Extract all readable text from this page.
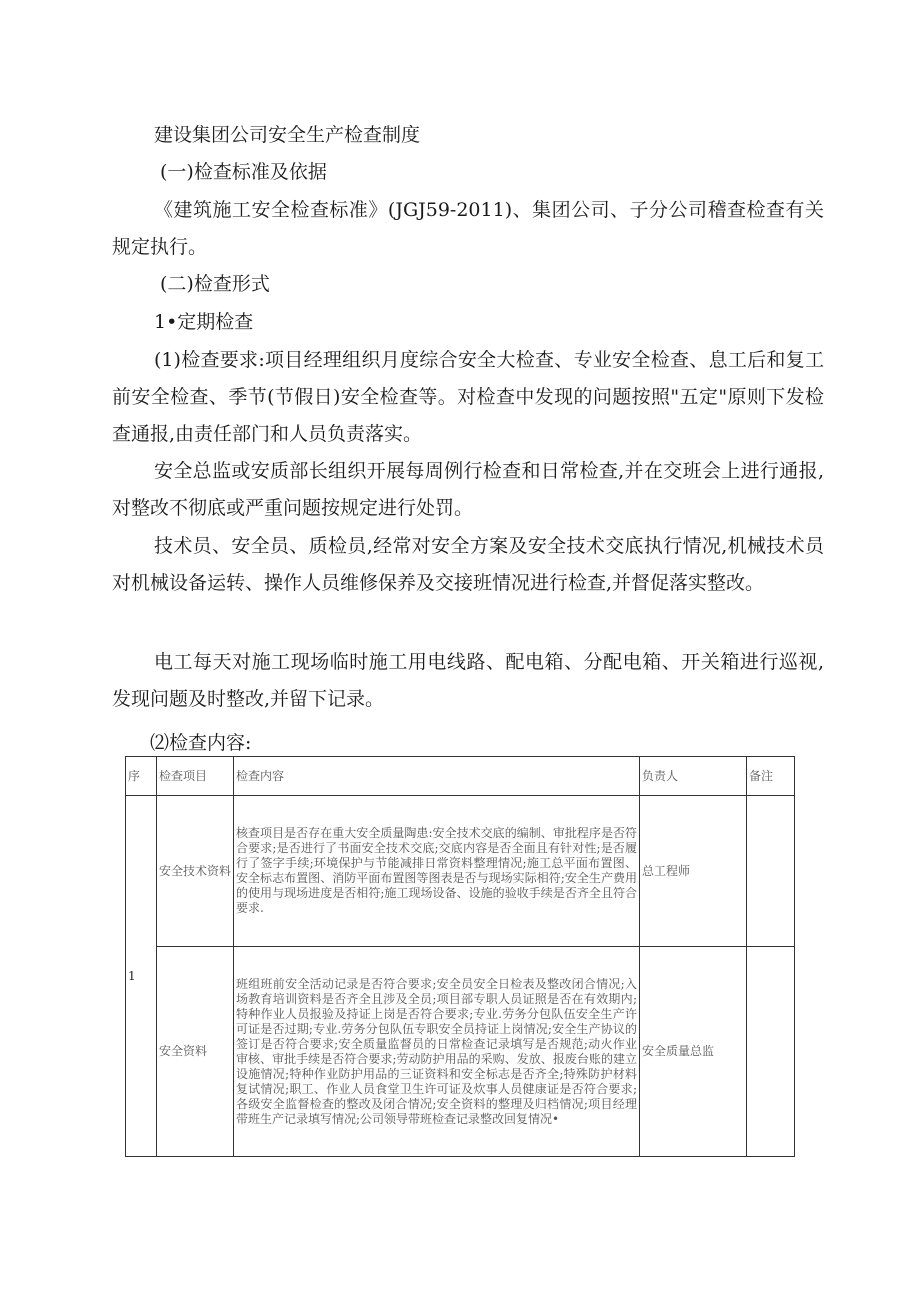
建设集团公司安全生产检查制度
(一)检查标准及依据
《建筑施工安全检查标准》(JGJ59-2011)、集团公司、子分公司稽查检查有关规定执行。
(二)检查形式
1•定期检查
(1)检查要求:项目经理组织月度综合安全大检查、专业安全检查、息工后和复工前安全检查、季节(节假日)安全检查等。对检查中发现的问题按照"五定"原则下发检查通报,由责任部门和人员负责落实。
安全总监或安质部长组织开展每周例行检查和日常检查,并在交班会上进行通报,对整改不彻底或严重问题按规定进行处罚。
技术员、安全员、质检员,经常对安全方案及安全技术交底执行情况,机械技术员对机械设备运转、操作人员维修保养及交接班情况进行检查,并督促落实整改。
电工每天对施工现场临时施工用电线路、配电箱、分配电箱、开关箱进行巡视,发现问题及时整改,并留下记录。
⑵检查内容:
序	检查项目	检查内容	负责人	备注
1	安全技术资料	核查项目是否存在重大安全质量陶患:安全技术交底的编制、审批程序是否符合要求;是否进行了书面安全技术交底;交底内容是否全面且有针对性;是否履行了签字手续;环境保护与节能减排日常资料整理情况;施工总平面布置图、安全标志布置图、消防平面布置图等图表是否与现场实际相符;安全生产费用的使用与现场进度是否相符;施工现场设备、设施的验收手续是否齐全且符合要求.	总工程师	
	安全资料	班组班前安全活动记录是否符合要求;安全员安全日检表及整改闭合情况;入场教育培训资料是否齐全且涉及全员;项目部专职人员证照是否在有效期内;特种作业人员报验及持证上岗是否符合要求;专业.劳务分包队伍安全生产许可证是否过期;专业.劳务分包队伍专职安全员持证上岗情况;安全生产协议的签订是否符合要求;安全质量监督员的日常检查记录填写是否规范;动火作业审核、审批手续是否符合要求;劳动防护用品的采购、发放、报废台账的建立设施情况;特种作业防护用品的三证资料和安全标志是否齐全;特殊防护材料复试情况;职工、作业人员食堂卫生许可证及炊事人员健康证是否符合要求;各级安全监督检查的整改及闭合情况;安全资料的整理及归档情况;项目经理带班生产记录填写情况;公司领导带班检查记录整改回复情况•	安全质量总监	
